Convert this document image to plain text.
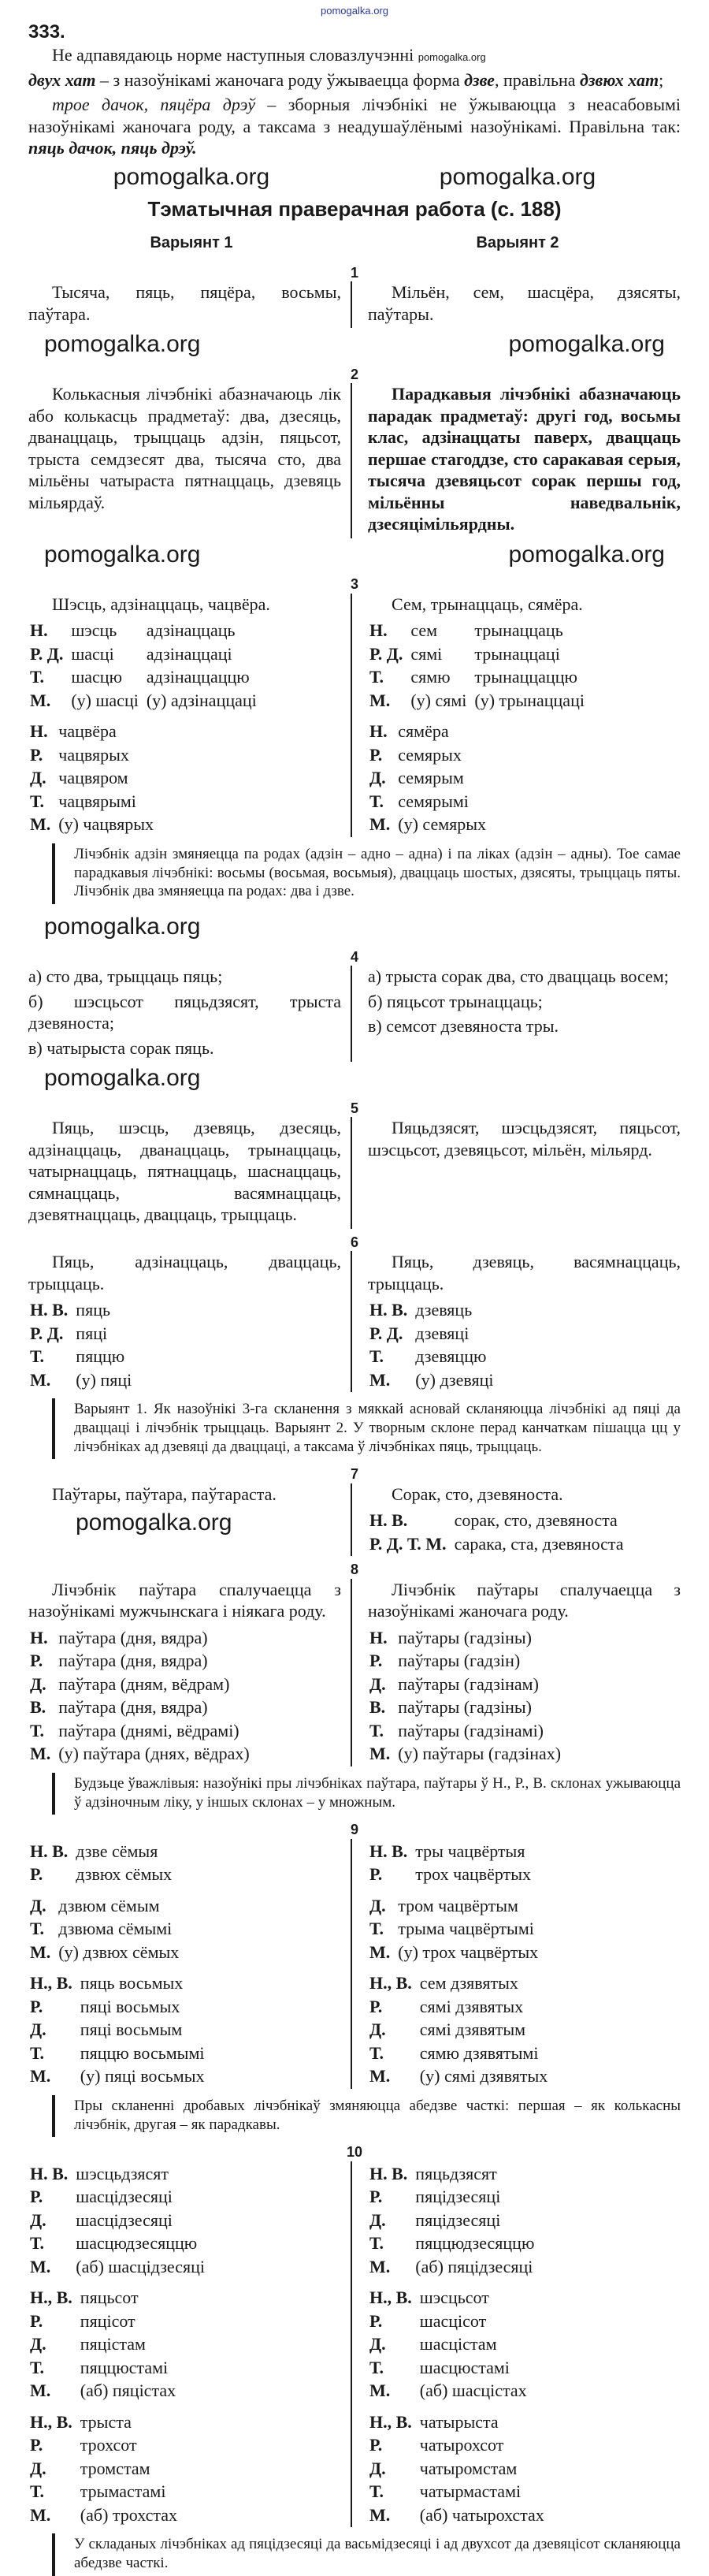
pomogalka.org

333.
Не адпавядаюць норме наступныя словазлучэнні pomogalka.org

двух хат – з назоўнікамі жаночага роду ўжываецца форма дзве, правільна дзвюх хат;

трое дачок, пяцёра дрэў – зборныя лічэбнікі не ўжываюцца з неасабовымі назоўнікамі жаночага роду, а таксама з неадушаўлёнымі назоўнікамі. Правільна так: пяць дачок, пяць дрэў.

pomogalka.org	pomogalka.org
Тэматычная праверачная работа (с. 188)
Варыянт 1	Варыянт 2
1

Тысяча, пяць, пяцёра, восьмы, паўтара.

Мільён, сем, шасцёра, дзясяты, паўтары.

pomogalka.org	pomogalka.org
2

Колькасныя лічэбнікі абазначаюць лік або колькасць прадметаў: два, дзесяць, дванаццаць, трыццаць адзін, пяцьсот, трыста семдзесят два, тысяча сто, два мільёны чатыраста пятнаццаць, дзевяць мільярдаў.

Парадкавыя лічэбнікі абазначаюць парадак прадметаў: другі год, восьмы клас, адзінаццаты паверх, дваццаць першае стагоддзе, сто саракавая серыя, тысяча дзевяцьсот сорак першы год, мільённы наведвальнік, дзесяцімільярдны.

pomogalka.org	pomogalka.org
3

Шэсць, адзінаццаць, чацвёра.

Н.	шэсць	адзінаццаць
Р. Д.	шасці	адзінаццаці
Т.	шасцю	адзінаццаццю
М.	(у) шасці	(у) адзінаццаці
Н.	чацвёра
Р.	чацвярых
Д.	чацвяром
Т.	чацвярымі
М.	(у) чацвярых

Сем, трынаццаць, сямёра.

Н.	сем	трынаццаць
Р. Д.	сямі	трынаццаці
Т.	сямю	трынаццаццю
М.	(у) сямі	(у) трынаццаці
Н.	сямёра
Р.	семярых
Д.	семярым
Т.	семярымі
М.	(у) семярых
Лічэбнік адзін змяняецца па родах (адзін – адно – адна) і па ліках (адзін – адны). Тое самае парадкавыя лічэбнікі: восьмы (восьмая, восьмыя), дваццаць шостых, дзясяты, трыццаць пяты. Лічэбнік два змяняецца па родах: два і дзве.
pomogalka.org
4

а) сто два, трыццаць пяць;

б) шэсцьсот пяцьдзясят, трыста дзевяноста;

в) чатырыста сорак пяць.

а) трыста сорак два, сто дваццаць восем;

б) пяцьсот трынаццаць;

в) семсот дзевяноста тры.

pomogalka.org
5

Пяць, шэсць, дзевяць, дзесяць, адзінаццаць, дванаццаць, трынаццаць, чатырнаццаць, пятнаццаць, шаснаццаць, сямнаццаць, васямнаццаць, дзевятнаццаць, дваццаць, трыццаць.

Пяцьдзясят, шэсцьдзясят, пяцьсот, шэсцьсот, дзевяцьсот, мільён, мільярд.

6

Пяць, адзінаццаць, дваццаць, трыццаць.

Н. В.	пяць
Р. Д.	пяці
Т.	пяццю
М.	(у) пяці

Пяць, дзевяць, васямнаццаць, трыццаць.

Н. В.	дзевяць
Р. Д.	дзевяці
Т.	дзевяццю
М.	(у) дзевяці
Варыянт 1. Як назоўнікі 3-га скланення з мяккай асновай скланяюцца лічэбнікі ад пяці да дваццаці і лічэбнік трыццаць. Варыянт 2. У творным склоне перад канчаткам пішацца цц у лічэбніках ад дзевяці да дваццаці, а таксама ў лічэбніках пяць, трыццаць.
7

Паўтары, паўтара, паўтараста.

pomogalka.org

Сорак, сто, дзевяноста.

Н. В.	сорак, сто, дзевяноста
Р. Д. Т. М.	сарака, ста, дзевяноста
8

Лічэбнік паўтара спалучаецца з назоўнікамі мужчынскага і ніякага роду.

Н.	паўтара (дня, вядра)
Р.	паўтара (дня, вядра)
Д.	паўтара (дням, вёдрам)
В.	паўтара (дня, вядра)
Т.	паўтара (днямі, вёдрамі)
М.	(у) паўтара (днях, вёдрах)

Лічэбнік паўтары спалучаецца з назоўнікамі жаночага роду.

Н.	паўтары (гадзіны)
Р.	паўтары (гадзін)
Д.	паўтары (гадзінам)
В.	паўтары (гадзіны)
Т.	паўтары (гадзінамі)
М.	(у) паўтары (гадзінах)
Будзьце ўважлівыя: назоўнікі пры лічэбніках паўтара, паўтары ў Н., Р., В. склонах ужываюцца ў адзіночным ліку, у іншых склонах – у множным.
9
Н. В.	дзве сёмыя
Р.	дзвюх сёмых
Д.	дзвюм сёмым
Т.	дзвюма сёмымі
М.	(у) дзвюх сёмых
Н., В.	пяць восьмых
Р.	пяці восьмых
Д.	пяці восьмым
Т.	пяццю восьмымі
М.	(у) пяці восьмых
Н. В.	тры чацвёртыя
Р.	трох чацвёртых
Д.	тром чацвёртым
Т.	трыма чацвёртымі
М.	(у) трох чацвёртых
Н., В.	сем дзявятых
Р.	сямі дзявятых
Д.	сямі дзявятым
Т.	сямю дзявятымі
М.	(у) сямі дзявятых
Пры скланенні дробавых лічэбнікаў змяняюцца абедзве часткі: першая – як колькасны лічэбнік, другая – як парадкавы.
10
Н. В.	шэсцьдзясят
Р.	шасцідзесяці
Д.	шасцідзесяці
Т.	шасцюдзесяццю
М.	(аб) шасцідзесяці
Н., В.	пяцьсот
Р.	пяцісот
Д.	пяцістам
Т.	пяццюстамі
М.	(аб) пяцістах
Н., В.	трыста
Р.	трохсот
Д.	тромстам
Т.	трымастамі
М.	(аб) трохстах
Н. В.	пяцьдзясят
Р.	пяцідзесяці
Д.	пяцідзесяці
Т.	пяццюдзесяццю
М.	(аб) пяцідзесяці
Н., В.	шэсцьсот
Р.	шасцісот
Д.	шасцістам
Т.	шасцюстамі
М.	(аб) шасцістах
Н., В.	чатырыста
Р.	чатырохсот
Д.	чатыромстам
Т.	чатырмастамі
М.	(аб) чатырохстах
У складаных лічэбніках ад пяцідзесяці да васьмідзесяці і ад двухсот да дзевяцісот скланяюцца абедзве часткі.
